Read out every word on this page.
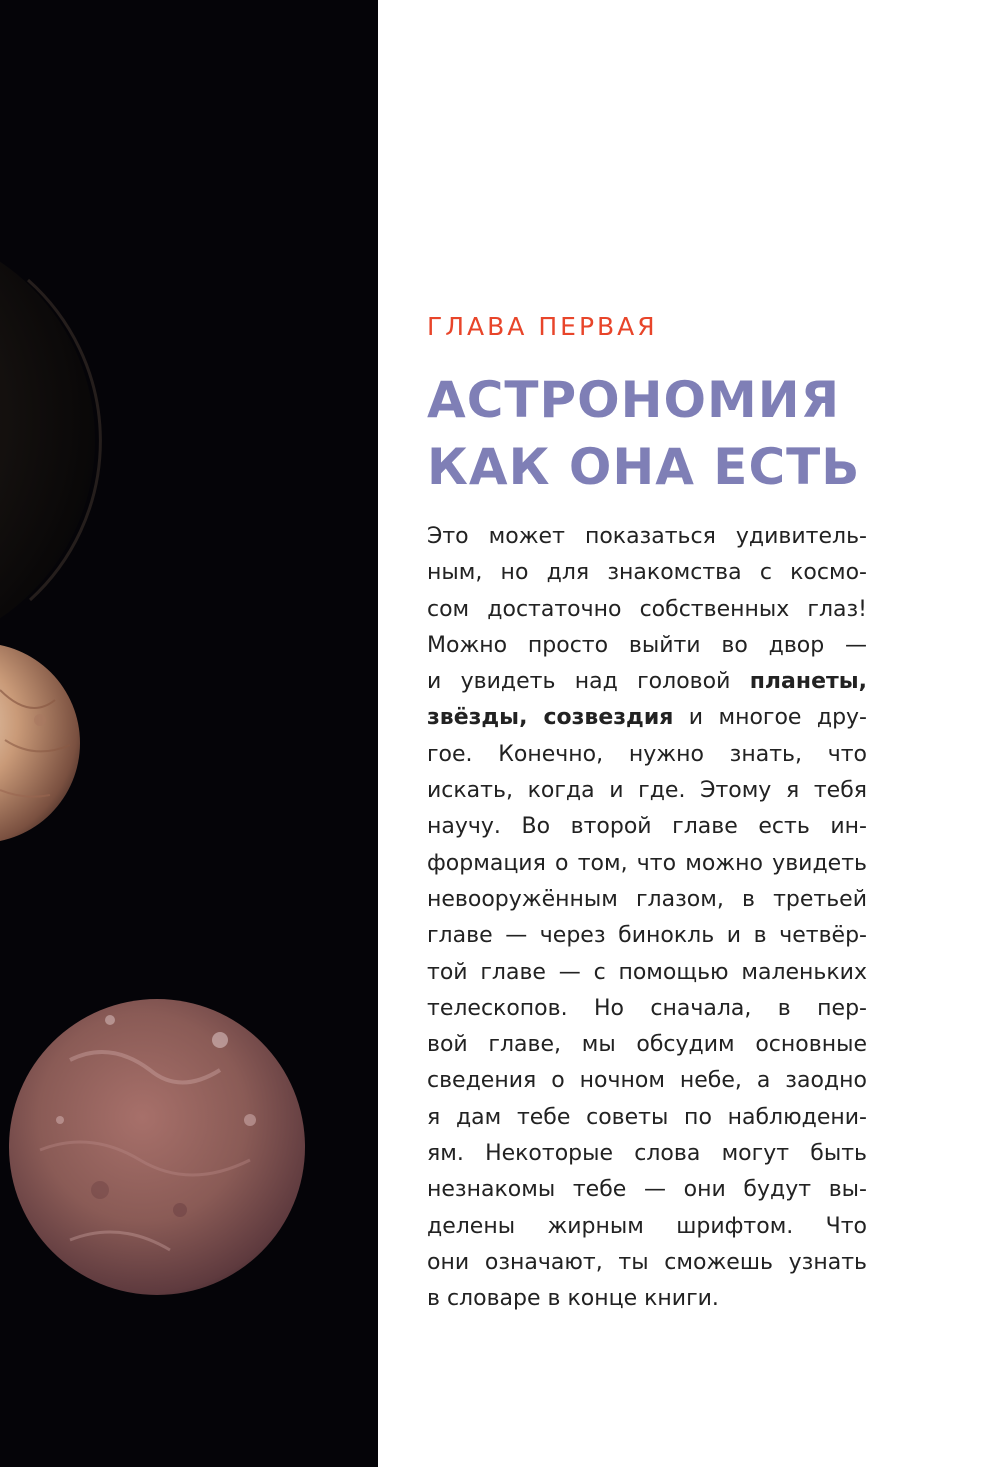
ГЛАВА ПЕРВАЯ

АСТРОНОМИЯ
КАК ОНА ЕСТЬ
Это может показаться удивитель-
ным, но для знакомства с космо-
сом достаточно собственных глаз!
Можно просто выйти во двор —
и увидеть над головой планеты,
звёзды, созвездия и многое дру-
гое. Конечно, нужно знать, что
искать, когда и где. Этому я тебя
научу. Во второй главе есть ин-
формация о том, что можно увидеть
невооружённым глазом, в третьей
главе — через бинокль и в четвёр-
той главе — с помощью маленьких
телескопов. Но сначала, в пер-
вой главе, мы обсудим основные
сведения о ночном небе, а заодно
я дам тебе советы по наблюдени-
ям. Некоторые слова могут быть
незнакомы тебе — они будут вы-
делены жирным шрифтом. Что
они означают, ты сможешь узнать
в словаре в конце книги.
